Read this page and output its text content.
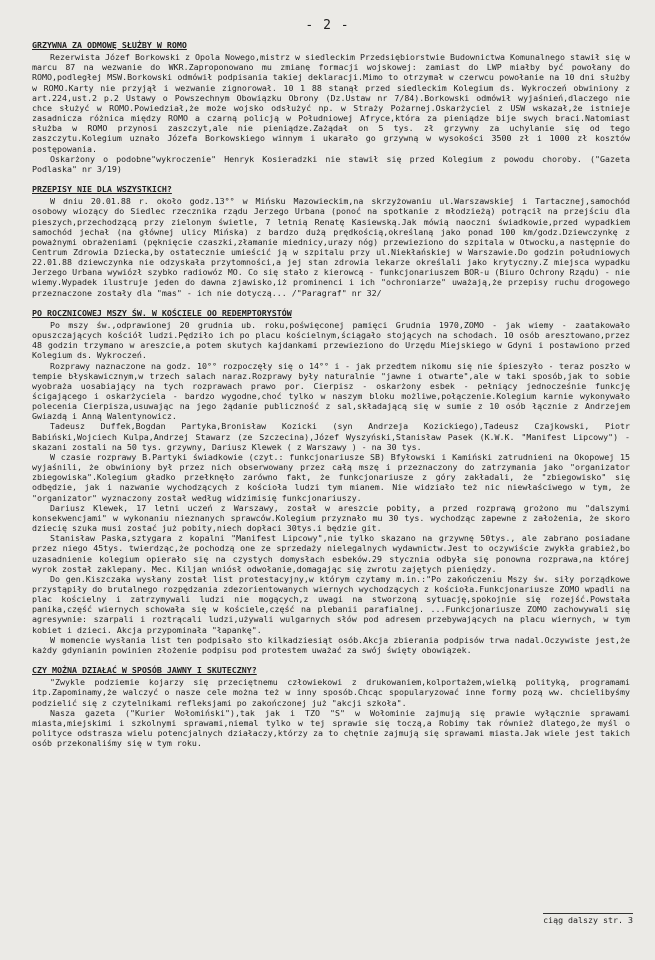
- 2 -
GRZYWNA ZA ODMOWĘ SŁUŻBY W ROMO

Rezerwista Józef Borkowski z Opola Nowego,mistrz w siedleckim Przedsiębiorstwie Budownictwa Komunalnego stawił się w marcu 87 na wezwanie do WKR.Zaproponowano mu zmianę formacji wojskowej: zamiast do LWP miałby być powołany do ROMO,podległej MSW.Borkowski odmówił podpisania takiej deklaracji.Mimo to otrzymał w czerwcu powołanie na 10 dni służby w ROMO.Karty nie przyjął i wezwanie zignorował. 10 1 88 stanął przed siedleckim Kolegium ds. Wykroczeń obwiniony z art.224,ust.2 p.2 Ustawy o Powszechnym Obowiązku Obrony (Dz.Ustaw nr 7/84).Borkowski odmówił wyjaśnień,dlaczego nie chce służyć w ROMO.Powiedział,że może wojsko odsłużyć np. w Straży Pożarnej.Oskarżyciel z USW wskazał,że istnieje zasadnicza różnica między ROMO a czarną policją w Południowej Afryce,która za pieniądze bije swych braci.Natomiast służba w ROMO przynosi zaszczyt,ale nie pieniądze.Zażądał on 5 tys. zł grzywny za uchylanie się od tego zaszczytu.Kolegium uznało Józefa Borkowskiego winnym i ukarało go grzywną w wysokości 3500 zł i 1000 zł kosztów postępowania.

Oskarżony o podobne"wykroczenie" Henryk Kosieradzki nie stawił się przed Kolegium z powodu choroby. ("Gazeta Podlaska" nr 3/19)

PRZEPISY NIE DLA WSZYSTKICH?

W dniu 20.01.88 r. około godz.13°° w Mińsku Mazowieckim,na skrzyżowaniu ul.Warszawskiej i Tartacznej,samochód osobowy wiozący do Siedlec rzecznika rządu Jerzego Urbana (ponoć na spotkanie z młodzieżą) potrącił na przejściu dla pieszych,przechodzącą przy zielonym świetle, 7 letnią Renatę Kasiewską.Jak mówią naoczni świadkowie,przed wypadkiem samochód jechał (na głównej ulicy Mińska) z bardzo dużą prędkością,określaną jako ponad 100 km/godz.Dziewczynkę z poważnymi obrażeniami (pęknięcie czaszki,złamanie miednicy,urazy nóg) przewieziono do szpitala w Otwocku,a następnie do Centrum Zdrowia Dziecka,by ostatecznie umieścić ją w szpitalu przy ul.Niekłańskiej w Warszawie.Do godzin południowych 22.01.88 dziewczynka nie odzyskała przytomności,a jej stan zdrowia lekarze określali jako krytyczny.Z miejsca wypadku Jerzego Urbana wywiózł szybko radiowóz MO. Co się stało z kierowcą - funkcjonariuszem BOR-u (Biuro Ochrony Rządu) - nie wiemy.Wypadek ilustruje jeden do dawna zjawisko,iż prominenci i ich "ochroniarze" uważają,że przepisy ruchu drogowego przeznaczone zostały dla "mas" - ich nie dotyczą... /"Paragraf" nr 32/

PO ROCZNICOWEJ MSZY ŚW. W KOŚCIELE OO REDEMPTORYSTÓW

Po mszy św.,odprawionej 20 grudnia ub. roku,poświęconej pamięci Grudnia 1970,ZOMO - jak wiemy - zaatakowało opuszczających kościół ludzi.Pędziło ich po placu kościelnym,ściągało stojących na schodach. 10 osób aresztowano,przez 48 godzin trzymano w areszcie,a potem skutych kajdankami przewieziono do Urzędu Miejskiego w Gdyni i postawiono przed Kolegium ds. Wykroczeń.

Rozprawy naznaczone na godz. 10°° rozpoczęły się o 14°° i - jak przedtem nikomu się nie śpieszyło - teraz poszło w tempie błyskawicznym,w trzech salach naraz.Rozprawy były naturalnie "jawne i otwarte",ale w taki sposób,jak to sobie wyobraża uosabiający na tych rozprawach prawo por. Cierpisz - oskarżony esbek - pełniący jednocześnie funkcję ścigającego i oskarżyciela - bardzo wygodne,choć tylko w naszym bloku możliwe,połączenie.Kolegium karnie wykonywało polecenia Cierpisza,usuwając na jego żądanie publiczność z sal,składającą się w sumie z 10 osób łącznie z Andrzejem Gwiazdą i Anną Walentynowicz.

Tadeusz Duffek,Bogdan Partyka,Bronisław Kozicki (syn Andrzeja Kozickiego),Tadeusz Czajkowski, Piotr Babiński,Wojciech Kulpa,Andrzej Stawarz (ze Szczecina),Józef Wyszyński,Stanisław Pasek (K.W.K. "Manifest Lipcowy") - skazani zostali na 50 tys. grzywny, Dariusz Klewek ( z Warszawy ) - na 30 tys.

W czasie rozprawy B.Partyki świadkowie (czyt.: funkcjonariusze SB) Bfyłowski i Kamiński zatrudnieni na Okopowej 15 wyjaśnili, że obwiniony był przez nich obserwowany przez całą mszę i przeznaczony do zatrzymania jako "organizator zbiegowiska".Kolegium gładko przełknęło zarówno fakt, że funkcjonariusze z góry zakładali, że "zbiegowisko" się odbędzie, jak i nazwanie wychodzących z kościoła ludzi tym mianem. Nie widziało też nic niewłaściwego w tym, że "organizator" wyznaczony został według widzimisię funkcjonariuszy.

Dariusz Klewek, 17 letni uczeń z Warszawy, został w areszcie pobity, a przed rozprawą grożono mu "dalszymi konsekwencjami" w wykonaniu nieznanych sprawców.Kolegium przyznało mu 30 tys. wychodząc zapewne z założenia, że skoro dziecię szuka musi zostać już pobity,niech dopłaci 30tys.i będzie git.

Stanisław Paska,sztygara z kopalni "Manifest Lipcowy",nie tylko skazano na grzywnę 50tys., ale zabrano posiadane przez niego 45tys. twierdząc,że pochodzą one ze sprzedaży nielegalnych wydawnictw.Jest to oczywiście zwykła grabież,bo uzasadnienie kolegium opierało się na czystych domysłach esbeków.29 stycznia odbyła się ponowna rozprawa,na której wyrok został zaklepany. Mec. Kiljan wniósł odwołanie,domagając się zwrotu zajętych pieniędzy.

Do gen.Kiszczaka wysłany został list protestacyjny,w którym czytamy m.in.:"Po zakończeniu Mszy św. siły porządkowe przystąpiły do brutalnego rozpędzania zdezorientowanych wiernych wychodzących z kościoła.Funkcjonariusze ZOMO wpadli na plac kościelny i zatrzymywali ludzi nie mogących,z uwagi na stworzoną sytuację,spokojnie się rozejść.Powstała panika,część wiernych schowała się w kościele,część na plebanii parafialnej. ...Funkcjonariusze ZOMO zachowywali się agresywnie: szarpali i roztrącali ludzi,używali wulgarnych słów pod adresem przebywających na placu wiernych, w tym kobiet i dzieci. Akcja przypominała "łapankę".

W momencie wysłania list ten podpisało sto kilkadziesiąt osób.Akcja zbierania podpisów trwa nadal.Oczywiste jest,że każdy gdynianin powinien złożenie podpisu pod protestem uważać za swój święty obowiązek.

CZY MOŻNA DZIAŁAĆ W SPOSÓB JAWNY I SKUTECZNY?

"Zwykle podziemie kojarzy się przeciętnemu człowiekowi z drukowaniem,kolportażem,wielką polityką, programami itp.Zapominamy,że walczyć o nasze cele można też w inny sposób.Chcąc spopularyzować inne formy pozą ww. chcielibyśmy podzielić się z czytelnikami refleksjami po zakończonej już "akcji szkoła".

Nasza gazeta ("Kurier Wołomiński"),tak jak i TZO "S" w Wołominie zajmują się prawie wyłącznie sprawami miasta,miejskimi i szkolnymi sprawami,niemal tylko w tej sprawie się toczą,a Robimy tak również dlatego,że myśl o polityce odstrasza wielu potencjalnych działaczy,którzy za to chętnie zajmują się sprawami miasta.Jak wiele jest takich osób przekonaliśmy się w tym roku.

ciąg dalszy str. 3
